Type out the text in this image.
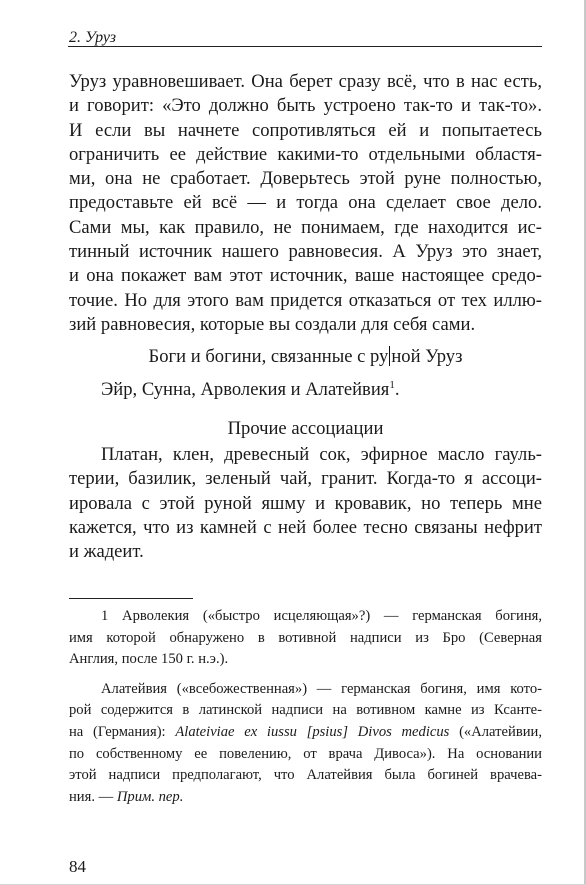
2. Уруз
Уруз уравновешивает. Она берет сразу всё, что в нас есть,
и говорит: «Это должно быть устроено так-то и так-то».
И если вы начнете сопротивляться ей и попытаетесь
ограничить ее действие какими-то отдельными областя-
ми, она не сработает. Доверьтесь этой руне полностью,
предоставьте ей всё — и тогда она сделает свое дело.
Сами мы, как правило, не понимаем, где находится ис-
тинный источник нашего равновесия. А Уруз это знает,
и она покажет вам этот источник, ваше настоящее средо-
точие. Но для этого вам придется отказаться от тех иллю-
зий равновесия, которые вы создали для себя сами.
Боги и богини, связанные с ру ной Уруз
Эйр, Сунна, Арволекия и Алатейвия$^1$.
Прочие ассоциации
Платан, клен, древесный сок, эфирное масло гауль-
терии, базилик, зеленый чай, гранит. Когда-то я ассоци-
ировала с этой руной яшму и кровавик, но теперь мне
кажется, что из камней с ней более тесно связаны нефрит
и жадеит.
1 Арволекия («быстро исцеляющая»?) — германская богиня,
имя которой обнаружено в вотивной надписи из Бро (Северная
Англия, после 150 г. н.э.).
Алатейвия («всебожественная») — германская богиня, имя кото-
рой содержится в латинской надписи на вотивном камне из Ксанте-
на (Германия): Alateiviae ex iussu [psius] Divos medicus («Алатейвии,
по собственному ее повелению, от врача Дивоса»). На основании
этой надписи предполагают, что Алатейвия была богиней врачева-
ния. — Прим. пер.
84
